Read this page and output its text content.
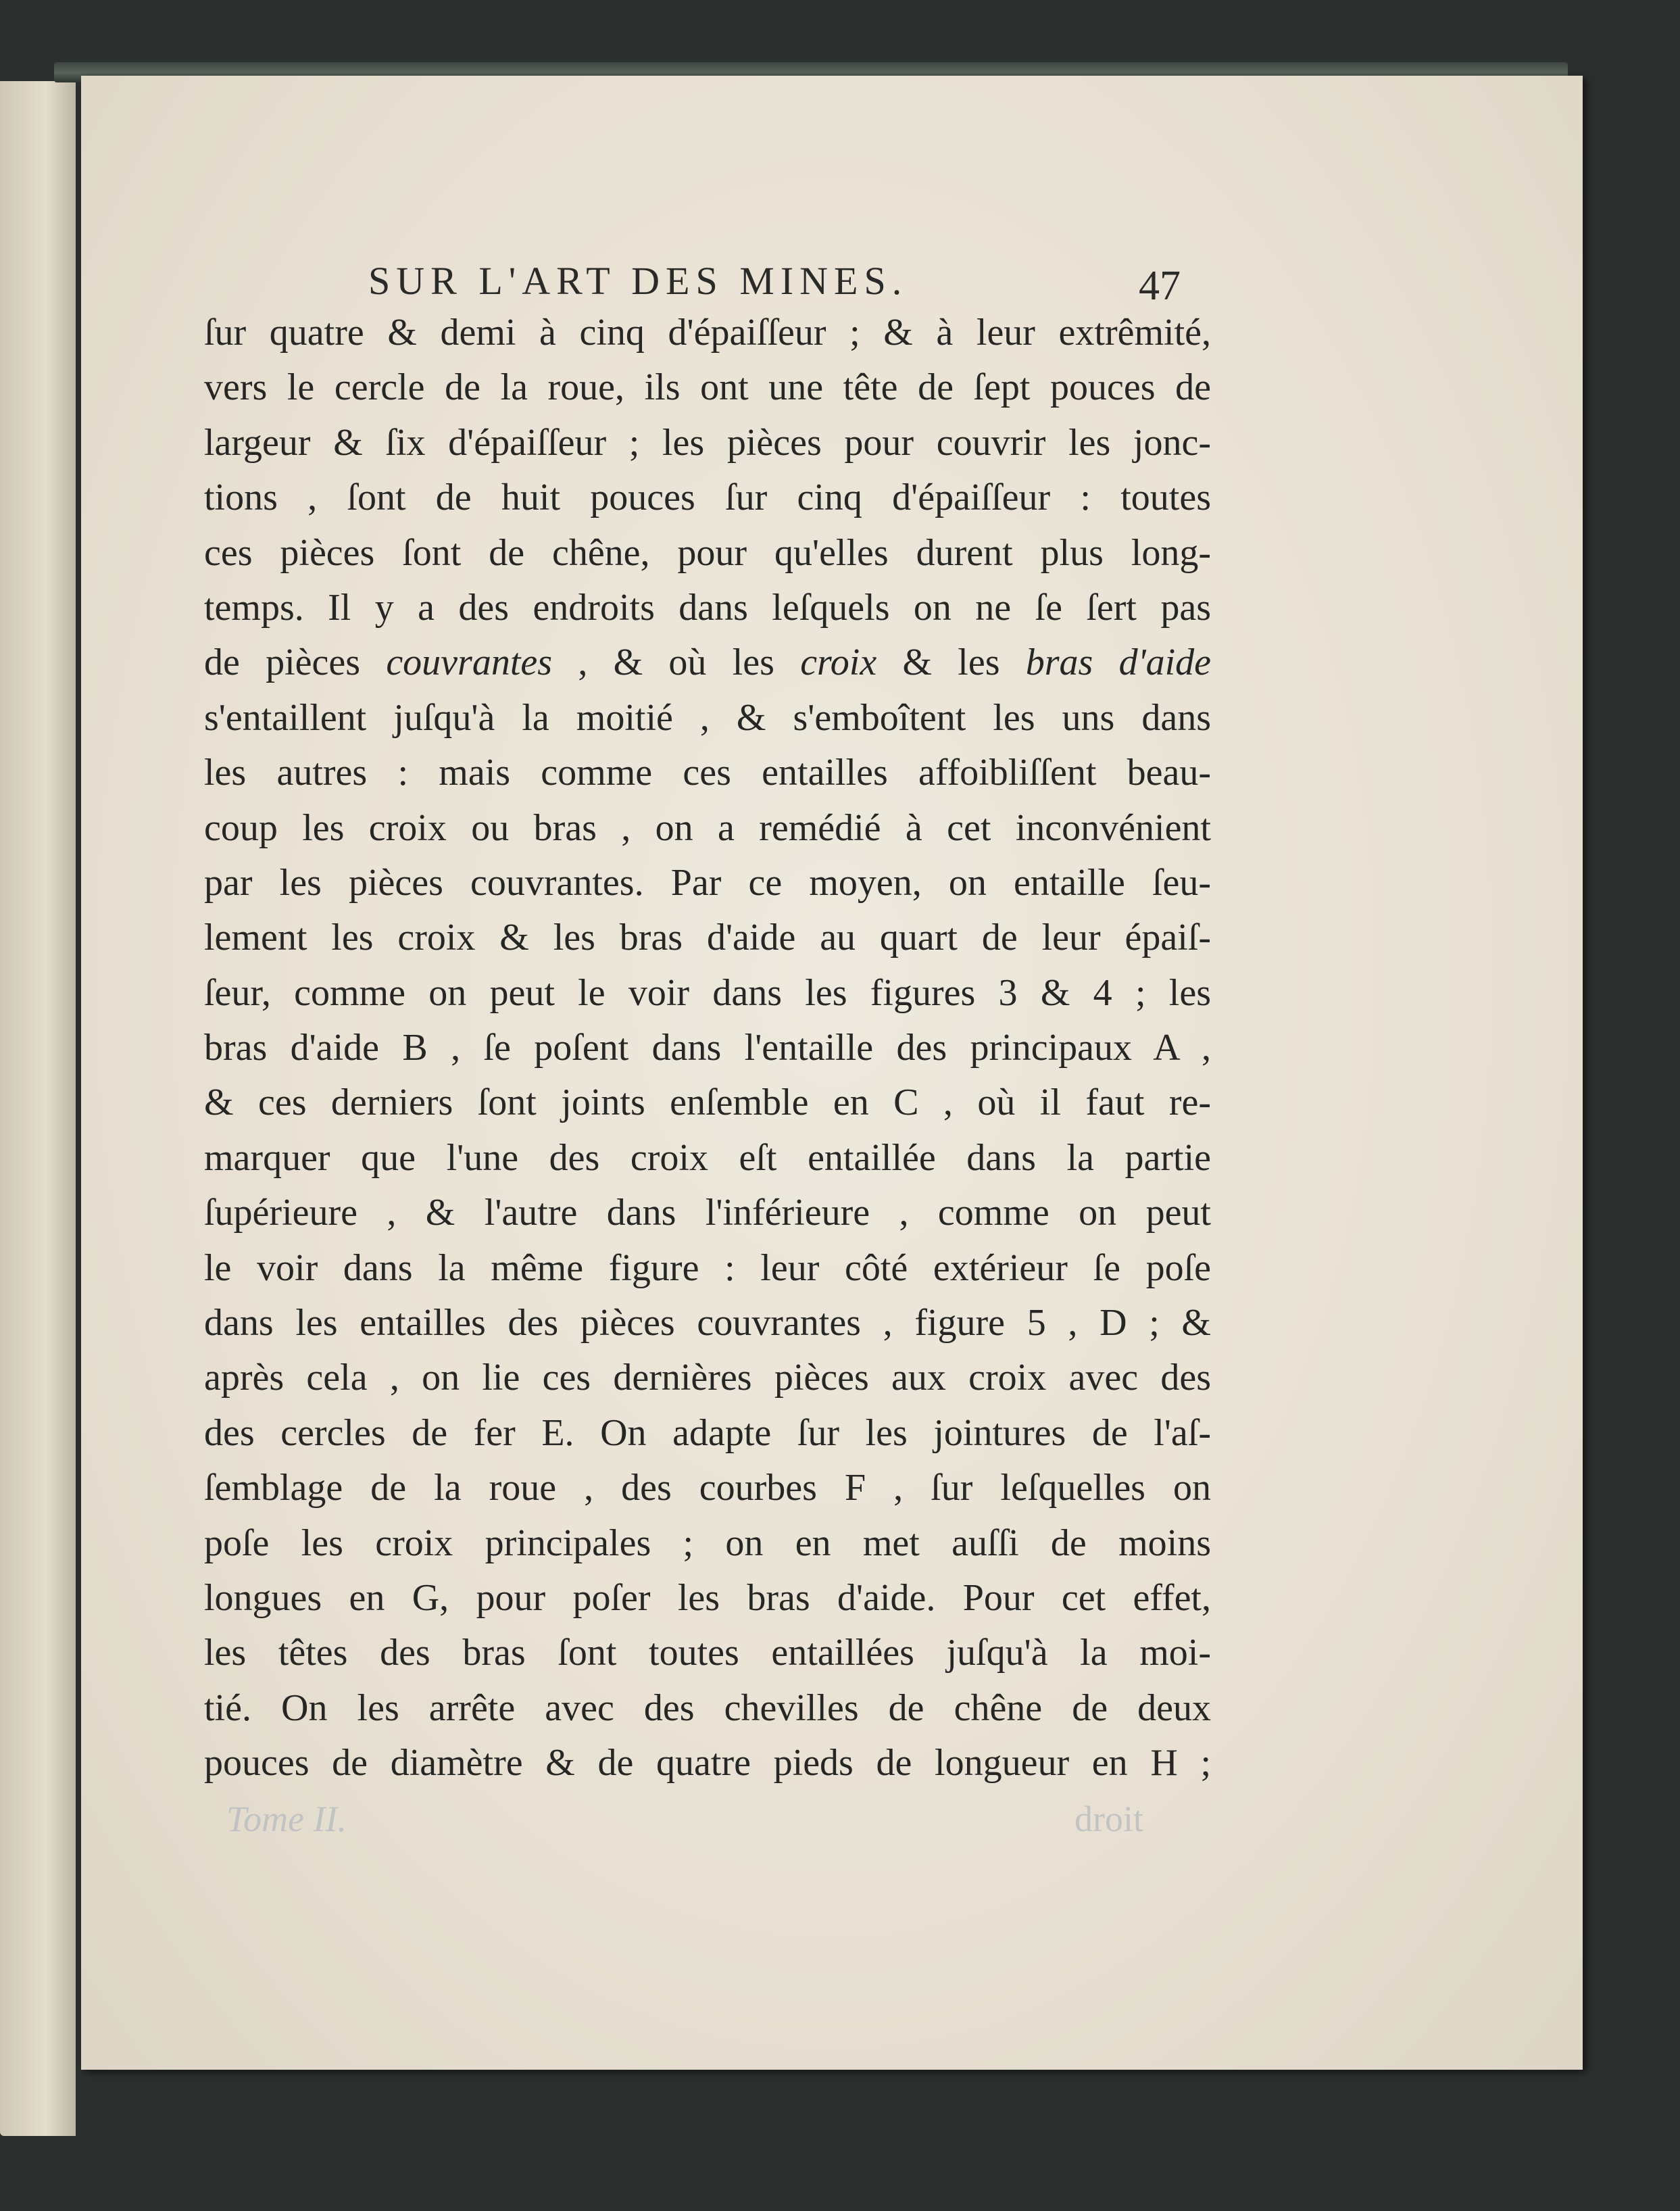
SUR L'ART DES MINES.	47
ſur quatre & demi à cinq d'épaiſſeur ; & à leur extrêmité,
vers le cercle de la roue, ils ont une tête de ſept pouces de
largeur & ſix d'épaiſſeur ; les pièces pour couvrir les jonc-
tions , ſont de huit pouces ſur cinq d'épaiſſeur : toutes
ces pièces ſont de chêne, pour qu'elles durent plus long-
temps. Il y a des endroits dans leſquels on ne ſe ſert pas
de pièces couvrantes , & où les croix & les bras d'aide
s'entaillent juſqu'à la moitié , & s'emboîtent les uns dans
les autres : mais comme ces entailles affoibliſſent beau-
coup les croix ou bras , on a remédié à cet inconvénient
par les pièces couvrantes. Par ce moyen, on entaille ſeu-
lement les croix & les bras d'aide au quart de leur épaiſ-
ſeur, comme on peut le voir dans les figures 3 & 4 ; les
bras d'aide B , ſe poſent dans l'entaille des principaux A ,
& ces derniers ſont joints enſemble en C , où il faut re-
marquer que l'une des croix eſt entaillée dans la partie
ſupérieure , & l'autre dans l'inférieure , comme on peut
le voir dans la même figure : leur côté extérieur ſe poſe
dans les entailles des pièces couvrantes , figure 5 , D ; &
après cela , on lie ces dernières pièces aux croix avec des
des cercles de fer E. On adapte ſur les jointures de l'aſ-
ſemblage de la roue , des courbes F , ſur leſquelles on
poſe les croix principales ; on en met auſſi de moins
longues en G, pour poſer les bras d'aide. Pour cet effet,
les têtes des bras ſont toutes entaillées juſqu'à la moi-
tié. On les arrête avec des chevilles de chêne de deux
pouces de diamètre & de quatre pieds de longueur en H ;
Tome II.	droit
